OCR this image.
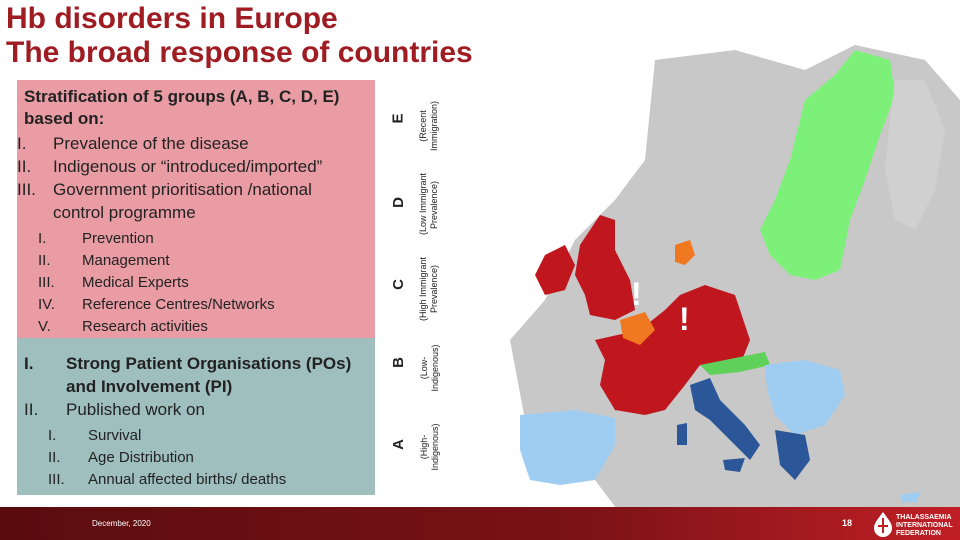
Hb disorders in Europe
The broad response of countries
!
!
Stratification of 5 groups (A, B, C, D, E) based on:
I.	Prevalence of the disease
II.	Indigenous or “introduced/imported”
III.	Government prioritisation /national control programme
I.	Prevention
II.	Management
III.	Medical Experts
IV.	Reference Centres/Networks
V.	Research activities
I.	Strong Patient Organisations (POs) and Involvement (PI)
II.	Published work on
I.	Survival
II.	Age Distribution
III.	Annual affected births/ deaths
E (Recent Immigration)
D (Low Immigrant Prevalence)
C (High Immigrant Prevalence)
B (Low- Indigenous)
A (High- Indigenous)
December, 2020	18
THALASSAEMIA
INTERNATIONAL
FEDERATION
